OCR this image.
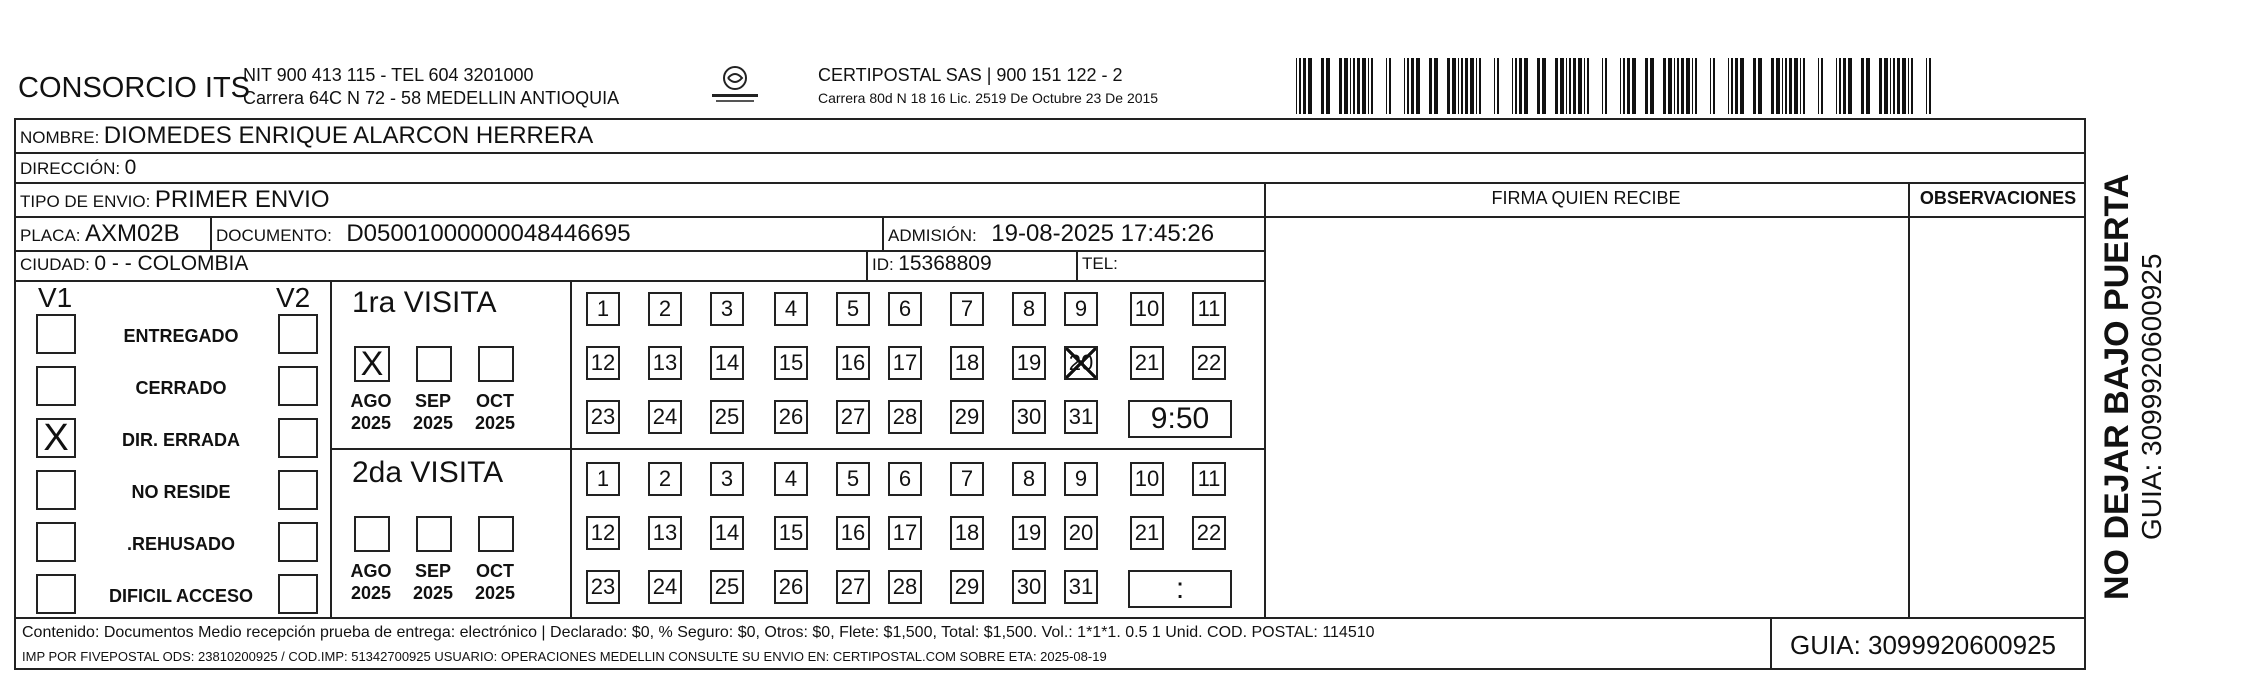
CONSORCIO ITS
NIT 900 413 115 - TEL 604 3201000
Carrera 64C N 72 - 58 MEDELLIN ANTIOQUIA
CERTIPOSTAL SAS | 900 151 122 - 2
Carrera 80d N 18 16 Lic. 2519 De Octubre 23 De 2015
NOMBRE: DIOMEDES ENRIQUE ALARCON HERRERA
DIRECCIÓN: 0
TIPO DE ENVIO: PRIMER ENVIO	FIRMA QUIEN RECIBE	OBSERVACIONES
PLACA: AXM02B DOCUMENTO: D05001000000048446695	ADMISIÓN: 19-08-2025 17:45:26
CIUDAD: 0 - - COLOMBIA	ID: 15368809	TEL:
V1	V2
ENTREGADO
CERRADO
X	DIR. ERRADA
NO RESIDE
.REHUSADO
DIFICIL ACCESO
1ra VISITA
X
AGO
2025
SEP
2025
OCT
2025
1	2	3	4	5	6	7	8	9	10 11
12 13 14 15 16 17 18 19 20 21 22
23 24 25 26 27 28 29 30 31	9:50
2da VISITA
AGO
2025
SEP
2025
OCT
2025
1	2	3	4	5	6	7	8	9	10 11
12 13 14 15 16 17 18 19 20 21 22
23 24 25 26 27 28 29 30 31	:
Contenido: Documentos Medio recepción prueba de entrega: electrónico | Declarado: $0, % Seguro: $0, Otros: $0, Flete: $1,500, Total: $1,500. Vol.: 1*1*1. 0.5 1 Unid. COD. POSTAL: 114510
IMP POR FIVEPOSTAL ODS: 23810200925 / COD.IMP: 51342700925 USUARIO: OPERACIONES MEDELLIN CONSULTE SU ENVIO EN: CERTIPOSTAL.COM SOBRE ETA: 2025-08-19	GUIA: 3099920600925
NO DEJAR BAJO PUERTA GUIA: 3099920600925
